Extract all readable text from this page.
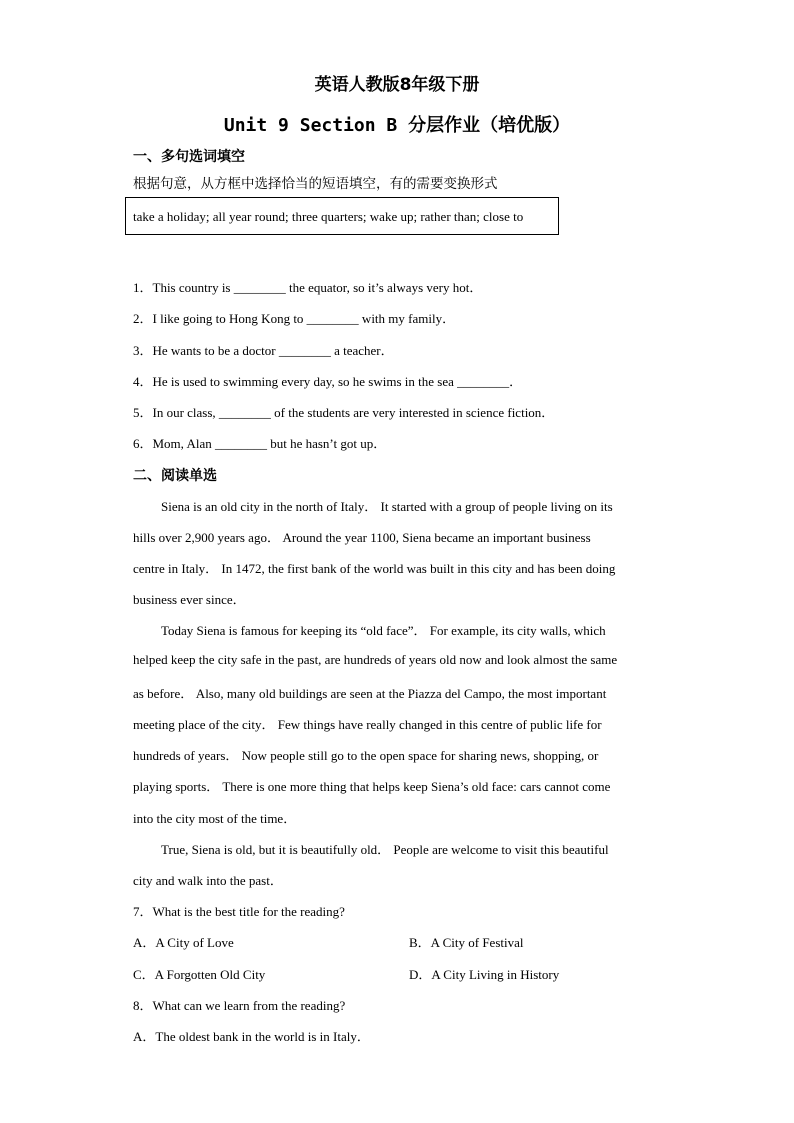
英语人教版8年级下册
Unit 9 Section B 分层作业（培优版）
一、多句选词填空
根据句意，从方框中选择恰当的短语填空，有的需要变换形式
take a holiday; all year round; three quarters; wake up; rather than; close to
1．This country is ________ the equator, so it’s always very hot．
2．I like going to Hong Kong to ________ with my family．
3．He wants to be a doctor ________ a teacher．
4．He is used to swimming every day, so he swims in the sea ________．
5．In our class, ________ of the students are very interested in science fiction．
6．Mom, Alan ________ but he hasn’t got up．
二、阅读单选
Siena is an old city in the north of Italy． It started with a group of people living on its
hills over 2,900 years ago． Around the year 1100, Siena became an important business
centre in Italy． In 1472, the first bank of the world was built in this city and has been doing
business ever since．
Today Siena is famous for keeping its “old face”． For example, its city walls, which
helped keep the city safe in the past, are hundreds of years old now and look almost the same
as before． Also, many old buildings are seen at the Piazza del Campo, the most important
meeting place of the city． Few things have really changed in this centre of public life for
hundreds of years． Now people still go to the open space for sharing news, shopping, or
playing sports． There is one more thing that helps keep Siena’s old face: cars cannot come
into the city most of the time．
True, Siena is old, but it is beautifully old． People are welcome to visit this beautiful
city and walk into the past．
7．What is the best title for the reading?
A．A City of Love	B．A City of Festival
C．A Forgotten Old City	D．A City Living in History
8．What can we learn from the reading?
A．The oldest bank in the world is in Italy．
